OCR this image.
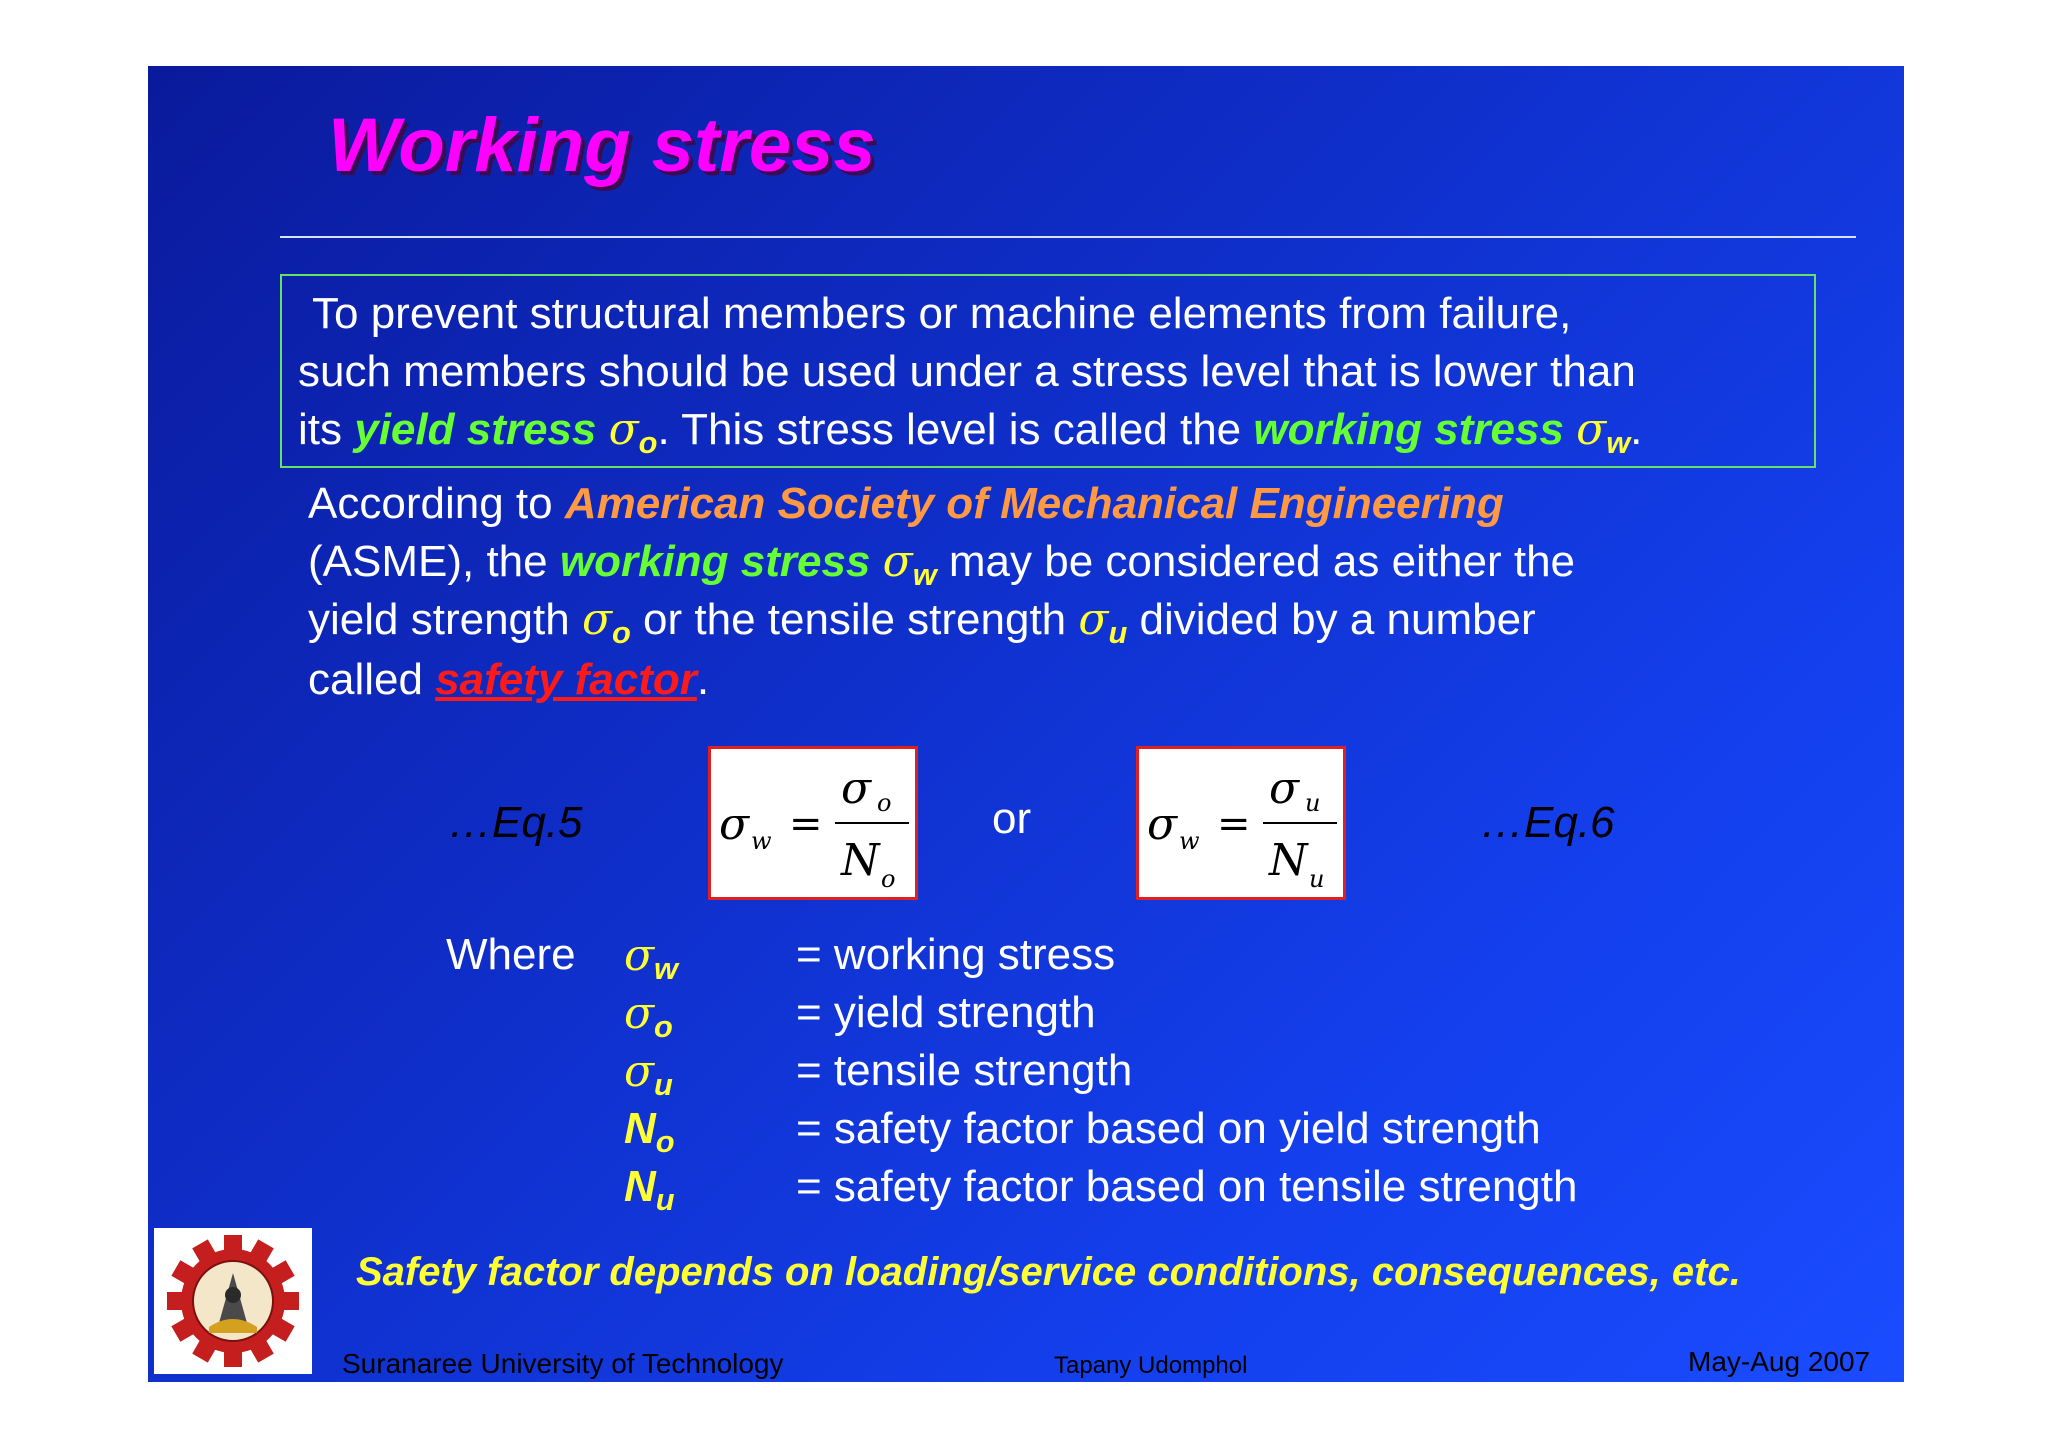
Working stress
To prevent structural members or machine elements from failure,
such members should be used under a stress level that is lower than
its yield stress $\sigma_o$. This stress level is called the working stress $\sigma_w$.
According to American Society of Mechanical Engineering
(ASME), the working stress $\sigma_w$ may be considered as either the
yield strength $\sigma_o$ or the tensile strength $\sigma_u$ divided by a number
called safety factor.
…Eq.5	σ w =
σ o
N o
or	σ w =
σ u
N u
…Eq.6
Where $\sigma_w$	= working stress
$\sigma_o$	= yield strength
$\sigma_u$	= tensile strength
$N_o$	= safety factor based on yield strength
$N_u$	= safety factor based on tensile strength
Safety factor depends on loading/service conditions, consequences, etc.
Suranaree University of Technology	Tapany Udomphol	May-Aug 2007
